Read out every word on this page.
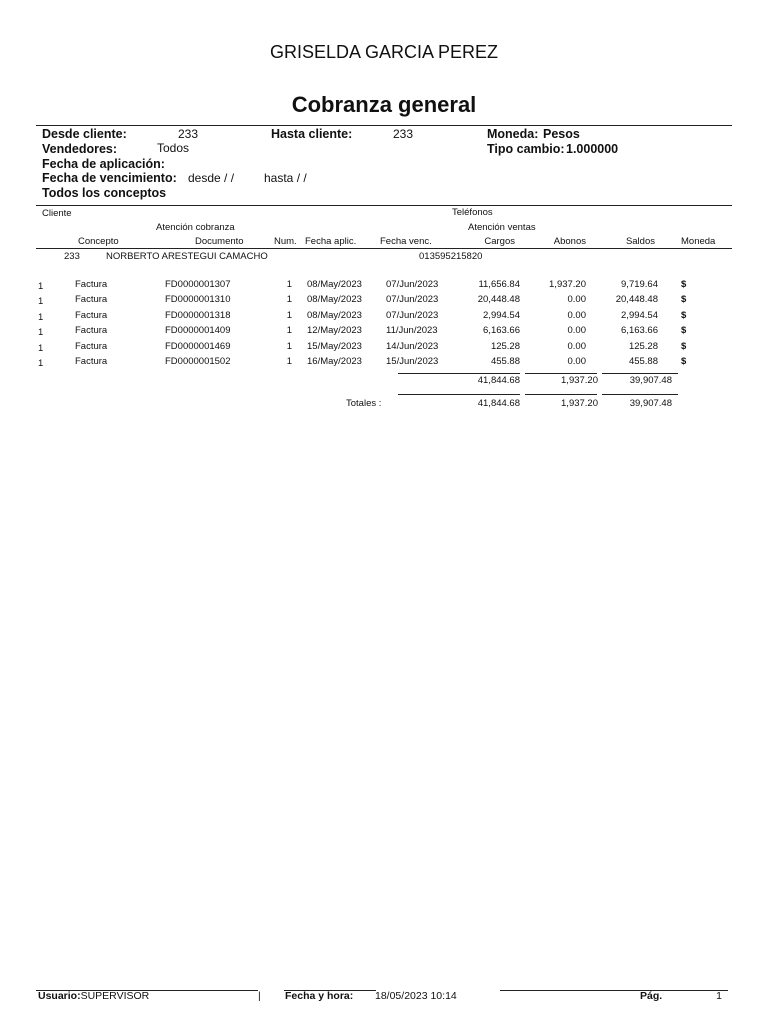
GRISELDA GARCIA PEREZ
Cobranza general
Desde cliente:	233	Hasta cliente:	233	Moneda: Pesos
Vendedores:	Todos	Tipo cambio: 1.000000
Fecha de aplicación:
Fecha de vencimiento: desde / / hasta / /
Todos los conceptos
Cliente	Teléfonos
Atención cobranza	Atención ventas
Concepto	Documento	Num. Fecha aplic.	Fecha venc.	Cargos	Abonos	Saldos	Moneda
233	NORBERTO ARESTEGUI CAMACHO	013595215820
1	Factura	FD0000001307	1 08/May/2023	07/Jun/2023	11,656.84	1,937.20	9,719.64 $
1	Factura	FD0000001310	1 08/May/2023	07/Jun/2023	20,448.48	0.00	20,448.48 $
1	Factura	FD0000001318	1 08/May/2023	07/Jun/2023	2,994.54	0.00	2,994.54 $
1	Factura	FD0000001409	1 12/May/2023	11/Jun/2023	6,163.66	0.00	6,163.66 $
1	Factura	FD0000001469	1 15/May/2023	14/Jun/2023	125.28	0.00	125.28 $
1	Factura	FD0000001502	1 16/May/2023	15/Jun/2023	455.88	0.00	455.88 $
41,844.68	1,937.20	39,907.48
Totales :	41,844.68	1,937.20	39,907.48
Usuario:SUPERVISOR	| Fecha y hora: 18/05/2023 10:14	Pág.	1
